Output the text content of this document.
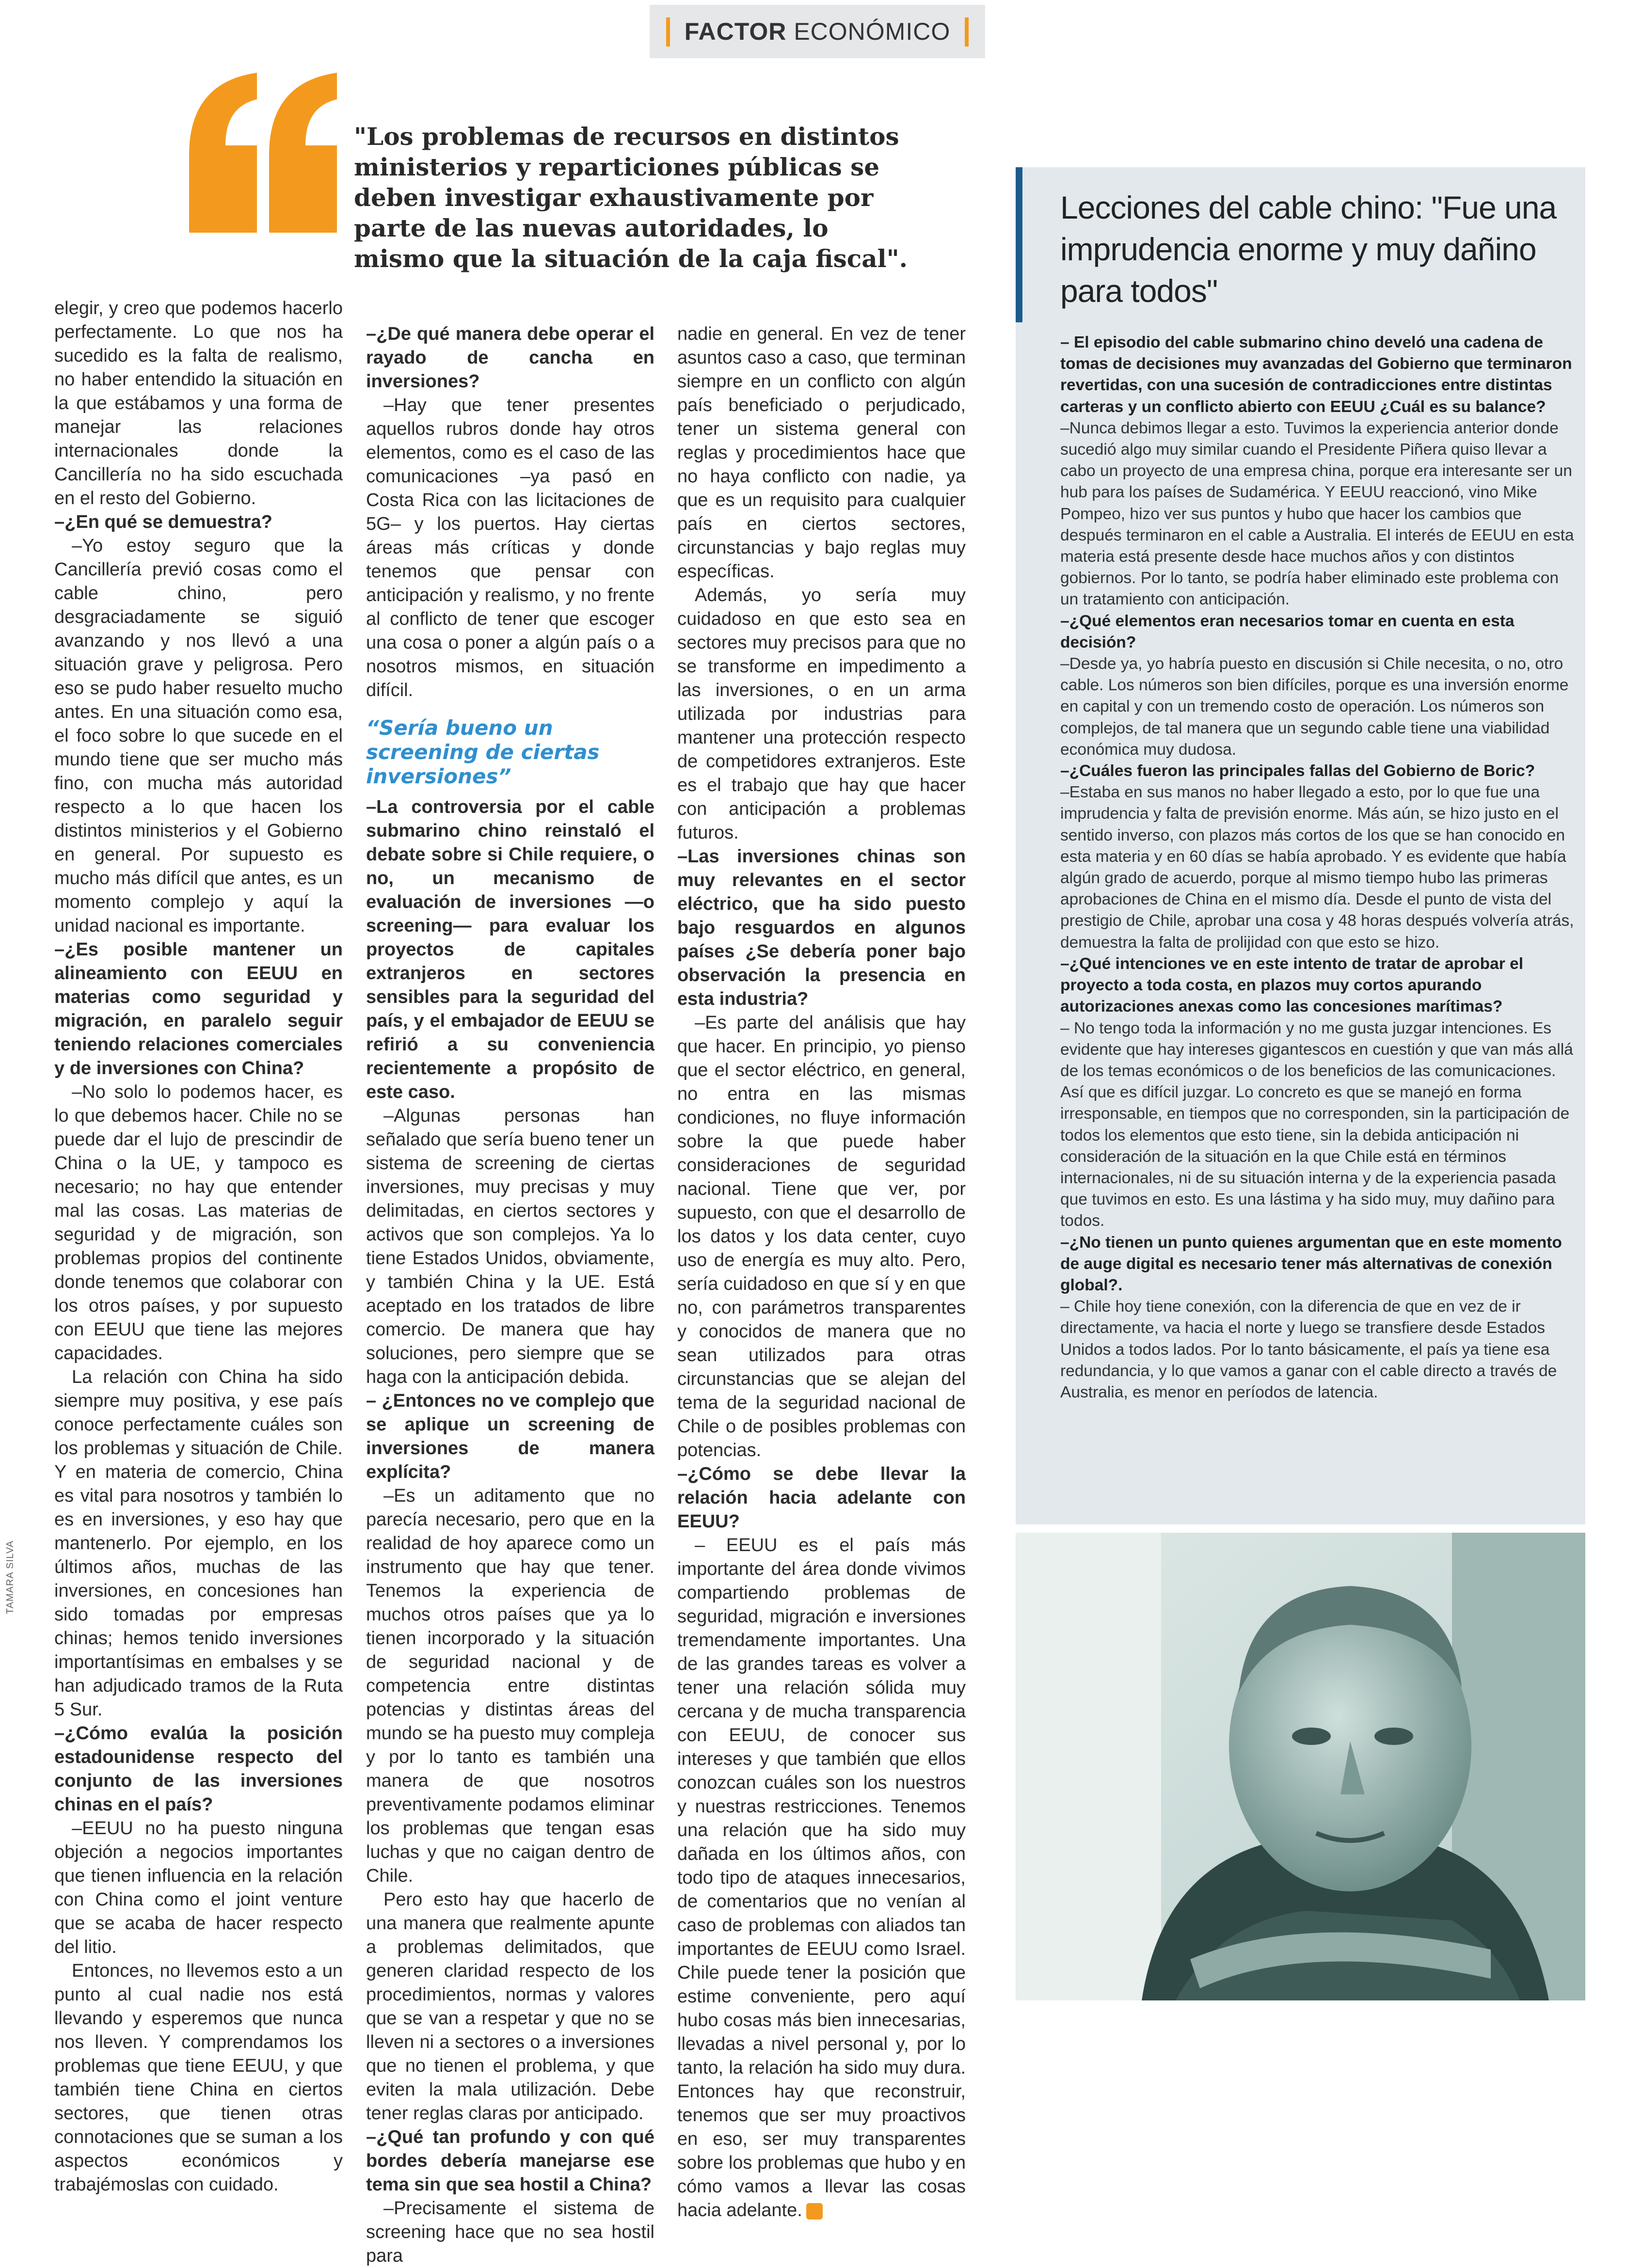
FACTOR ECONÓMICO
"Los problemas de recursos en distintos ministerios y reparticiones públicas se deben investigar exhaustivamente por parte de las nuevas autoridades, lo mismo que la situación de la caja fiscal".

elegir, y creo que podemos hacerlo perfectamente. Lo que nos ha sucedido es la falta de realismo, no haber entendido la situación en la que estábamos y una forma de manejar las relaciones internacionales donde la Cancillería no ha sido escuchada en el resto del Gobierno.

–¿En qué se demuestra?

–Yo estoy seguro que la Cancillería previó cosas como el cable chino, pero desgraciadamente se siguió avanzando y nos llevó a una situación grave y peligrosa. Pero eso se pudo haber resuelto mucho antes. En una situación como esa, el foco sobre lo que sucede en el mundo tiene que ser mucho más fino, con mucha más autoridad respecto a lo que hacen los distintos ministerios y el Gobierno en general. Por supuesto es mucho más difícil que antes, es un momento complejo y aquí la unidad nacional es importante.

–¿Es posible mantener un alineamiento con EEUU en materias como seguridad y migración, en paralelo seguir teniendo relaciones comerciales y de inversiones con China?

–No solo lo podemos hacer, es lo que debemos hacer. Chile no se puede dar el lujo de prescindir de China o la UE, y tampoco es necesario; no hay que entender mal las cosas. Las materias de seguridad y de migración, son problemas propios del continente donde tenemos que colaborar con los otros países, y por supuesto con EEUU que tiene las mejores capacidades.

La relación con China ha sido siempre muy positiva, y ese país conoce perfectamente cuáles son los problemas y situación de Chile. Y en materia de comercio, China es vital para nosotros y también lo es en inversiones, y eso hay que mantenerlo. Por ejemplo, en los últimos años, muchas de las inversiones, en concesiones han sido tomadas por empresas chinas; hemos tenido inversiones importantísimas en embalses y se han adjudicado tramos de la Ruta 5 Sur.

–¿Cómo evalúa la posición estadounidense respecto del conjunto de las inversiones chinas en el país?

–EEUU no ha puesto ninguna objeción a negocios importantes que tienen influencia en la relación con China como el joint venture que se acaba de hacer respecto del litio.

Entonces, no llevemos esto a un punto al cual nadie nos está llevando y esperemos que nunca nos lleven. Y comprendamos los problemas que tiene EEUU, y que también tiene China en ciertos sectores, que tienen otras connotaciones que se suman a los aspectos económicos y trabajémoslas con cuidado.

–¿De qué manera debe operar el rayado de cancha en inversiones?

–Hay que tener presentes aquellos rubros donde hay otros elementos, como es el caso de las comunicaciones –ya pasó en Costa Rica con las licitaciones de 5G– y los puertos. Hay ciertas áreas más críticas y donde tenemos que pensar con anticipación y realismo, y no frente al conflicto de tener que escoger una cosa o poner a algún país o a nosotros mismos, en situación difícil.

“Sería bueno un screening de ciertas inversiones”

–La controversia por el cable submarino chino reinstaló el debate sobre si Chile requiere, o no, un mecanismo de evaluación de inversiones —o screening— para evaluar los proyectos de capitales extranjeros en sectores sensibles para la seguridad del país, y el embajador de EEUU se refirió a su conveniencia recientemente a propósito de este caso.

–Algunas personas han señalado que sería bueno tener un sistema de screening de ciertas inversiones, muy precisas y muy delimitadas, en ciertos sectores y activos que son complejos. Ya lo tiene Estados Unidos, obviamente, y también China y la UE. Está aceptado en los tratados de libre comercio. De manera que hay soluciones, pero siempre que se haga con la anticipación debida.

– ¿Entonces no ve complejo que se aplique un screening de inversiones de manera explícita?

–Es un aditamento que no parecía necesario, pero que en la realidad de hoy aparece como un instrumento que hay que tener. Tenemos la experiencia de muchos otros países que ya lo tienen incorporado y la situación de seguridad nacional y de competencia entre distintas potencias y distintas áreas del mundo se ha puesto muy compleja y por lo tanto es también una manera de que nosotros preventivamente podamos eliminar los problemas que tengan esas luchas y que no caigan dentro de Chile.

Pero esto hay que hacerlo de una manera que realmente apunte a problemas delimitados, que generen claridad respecto de los procedimientos, normas y valores que se van a respetar y que no se lleven ni a sectores o a inversiones que no tienen el problema, y que eviten la mala utilización. Debe tener reglas claras por anticipado.

–¿Qué tan profundo y con qué bordes debería manejarse ese tema sin que sea hostil a China?

–Precisamente el sistema de screening hace que no sea hostil para

nadie en general. En vez de tener asuntos caso a caso, que terminan siempre en un conflicto con algún país beneficiado o perjudicado, tener un sistema general con reglas y procedimientos hace que no haya conflicto con nadie, ya que es un requisito para cualquier país en ciertos sectores, circunstancias y bajo reglas muy específicas.

Además, yo sería muy cuidadoso en que esto sea en sectores muy precisos para que no se transforme en impedimento a las inversiones, o en un arma utilizada por industrias para mantener una protección respecto de competidores extranjeros. Este es el trabajo que hay que hacer con anticipación a problemas futuros.

–Las inversiones chinas son muy relevantes en el sector eléctrico, que ha sido puesto bajo resguardos en algunos países ¿Se debería poner bajo observación la presencia en esta industria?

–Es parte del análisis que hay que hacer. En principio, yo pienso que el sector eléctrico, en general, no entra en las mismas condiciones, no fluye información sobre la que puede haber consideraciones de seguridad nacional. Tiene que ver, por supuesto, con que el desarrollo de los datos y los data center, cuyo uso de energía es muy alto. Pero, sería cuidadoso en que sí y en que no, con parámetros transparentes y conocidos de manera que no sean utilizados para otras circunstancias que se alejan del tema de la seguridad nacional de Chile o de posibles problemas con potencias.

–¿Cómo se debe llevar la relación hacia adelante con EEUU?

– EEUU es el país más importante del área donde vivimos compartiendo problemas de seguridad, migración e inversiones tremendamente importantes. Una de las grandes tareas es volver a tener una relación sólida muy cercana y de mucha transparencia con EEUU, de conocer sus intereses y que también que ellos conozcan cuáles son los nuestros y nuestras restricciones. Tenemos una relación que ha sido muy dañada en los últimos años, con todo tipo de ataques innecesarios, de comentarios que no venían al caso de problemas con aliados tan importantes de EEUU como Israel. Chile puede tener la posición que estime conveniente, pero aquí hubo cosas más bien innecesarias, llevadas a nivel personal y, por lo tanto, la relación ha sido muy dura. Entonces hay que reconstruir, tenemos que ser muy proactivos en eso, ser muy transparentes sobre los problemas que hubo y en cómo vamos a llevar las cosas hacia adelante. ■

Lecciones del cable chino: "Fue una imprudencia enorme y muy dañino para todos"

– El episodio del cable submarino chino develó una cadena de tomas de decisiones muy avanzadas del Gobierno que terminaron revertidas, con una sucesión de contradicciones entre distintas carteras y un conflicto abierto con EEUU ¿Cuál es su balance?

–Nunca debimos llegar a esto. Tuvimos la experiencia anterior donde sucedió algo muy similar cuando el Presidente Piñera quiso llevar a cabo un proyecto de una empresa china, porque era interesante ser un hub para los países de Sudamérica. Y EEUU reaccionó, vino Mike Pompeo, hizo ver sus puntos y hubo que hacer los cambios que después terminaron en el cable a Australia. El interés de EEUU en esta materia está presente desde hace muchos años y con distintos gobiernos. Por lo tanto, se podría haber eliminado este problema con un tratamiento con anticipación.

–¿Qué elementos eran necesarios tomar en cuenta en esta decisión?

–Desde ya, yo habría puesto en discusión si Chile necesita, o no, otro cable. Los números son bien difíciles, porque es una inversión enorme en capital y con un tremendo costo de operación. Los números son complejos, de tal manera que un segundo cable tiene una viabilidad económica muy dudosa.

–¿Cuáles fueron las principales fallas del Gobierno de Boric?

–Estaba en sus manos no haber llegado a esto, por lo que fue una imprudencia y falta de previsión enorme. Más aún, se hizo justo en el sentido inverso, con plazos más cortos de los que se han conocido en esta materia y en 60 días se había aprobado. Y es evidente que había algún grado de acuerdo, porque al mismo tiempo hubo las primeras aprobaciones de China en el mismo día. Desde el punto de vista del prestigio de Chile, aprobar una cosa y 48 horas después volvería atrás, demuestra la falta de prolijidad con que esto se hizo.

–¿Qué intenciones ve en este intento de tratar de aprobar el proyecto a toda costa, en plazos muy cortos apurando autorizaciones anexas como las concesiones marítimas?

– No tengo toda la información y no me gusta juzgar intenciones. Es evidente que hay intereses gigantescos en cuestión y que van más allá de los temas económicos o de los beneficios de las comunicaciones. Así que es difícil juzgar. Lo concreto es que se manejó en forma irresponsable, en tiempos que no corresponden, sin la participación de todos los elementos que esto tiene, sin la debida anticipación ni consideración de la situación en la que Chile está en términos internacionales, ni de su situación interna y de la experiencia pasada que tuvimos en esto. Es una lástima y ha sido muy, muy dañino para todos.

–¿No tienen un punto quienes argumentan que en este momento de auge digital es necesario tener más alternativas de conexión global?.

– Chile hoy tiene conexión, con la diferencia de que en vez de ir directamente, va hacia el norte y luego se transfiere desde Estados Unidos a todos lados. Por lo tanto básicamente, el país ya tiene esa redundancia, y lo que vamos a ganar con el cable directo a través de Australia, es menor en períodos de latencia.

TAMARA SILVA
